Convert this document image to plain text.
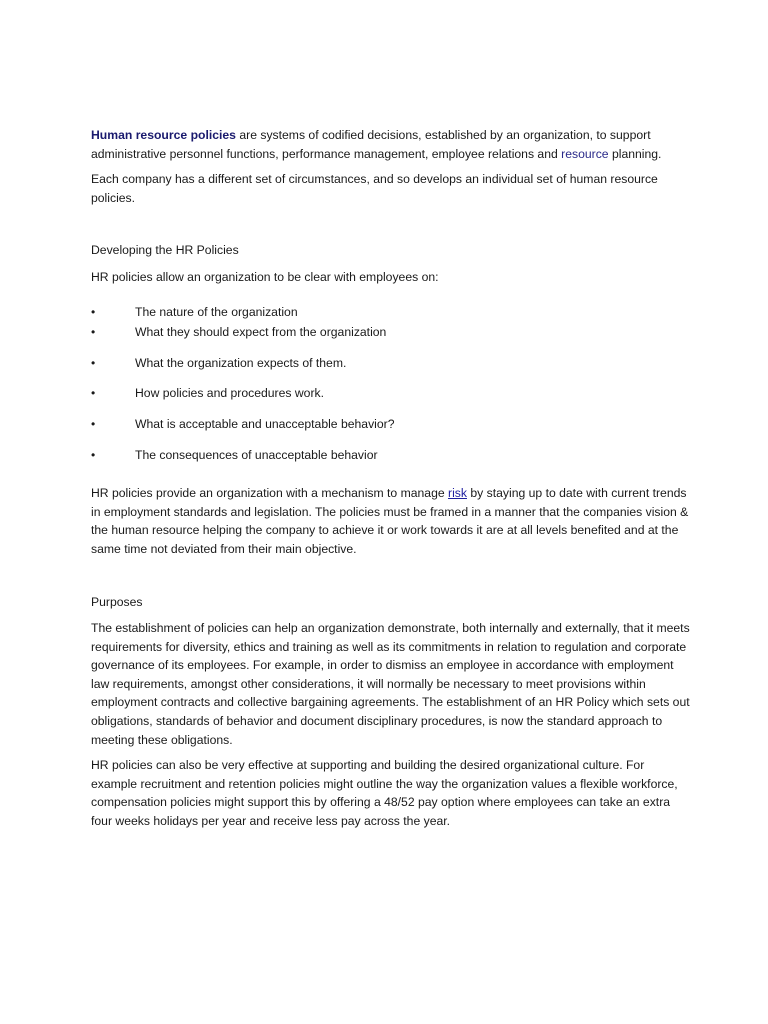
Human resource policies are systems of codified decisions, established by an organization, to support administrative personnel functions, performance management, employee relations and resource planning.

Each company has a different set of circumstances, and so develops an individual set of human resource policies.

Developing the HR Policies

HR policies allow an organization to be clear with employees on:

•	The nature of the organization
•	What they should expect from the organization
•	What the organization expects of them.
•	How policies and procedures work.
•	What is acceptable and unacceptable behavior?
•	The consequences of unacceptable behavior

HR policies provide an organization with a mechanism to manage risk by staying up to date with current trends in employment standards and legislation. The policies must be framed in a manner that the companies vision & the human resource helping the company to achieve it or work towards it are at all levels benefited and at the same time not deviated from their main objective.

Purposes

The establishment of policies can help an organization demonstrate, both internally and externally, that it meets requirements for diversity, ethics and training as well as its commitments in relation to regulation and corporate governance of its employees. For example, in order to dismiss an employee in accordance with employment law requirements, amongst other considerations, it will normally be necessary to meet provisions within employment contracts and collective bargaining agreements. The establishment of an HR Policy which sets out obligations, standards of behavior and document disciplinary procedures, is now the standard approach to meeting these obligations.

HR policies can also be very effective at supporting and building the desired organizational culture. For example recruitment and retention policies might outline the way the organization values a flexible workforce, compensation policies might support this by offering a 48/52 pay option where employees can take an extra four weeks holidays per year and receive less pay across the year.
